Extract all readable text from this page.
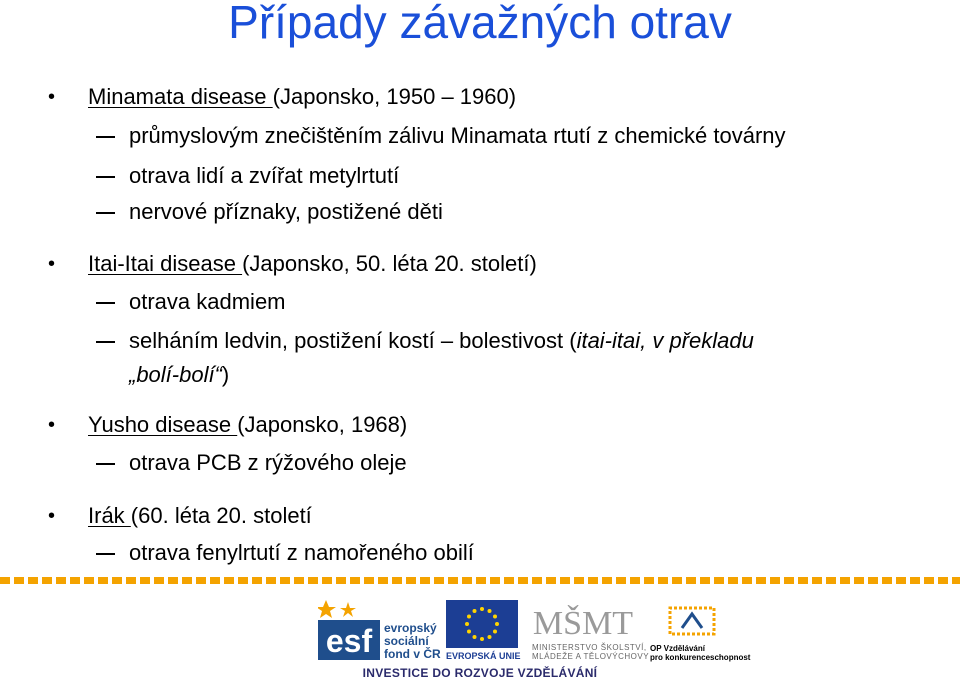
Případy závažných otrav
• Minamata disease (Japonsko, 1950 – 1960)
průmyslovým znečištěním zálivu Minamata rtutí z chemické továrny
otrava lidí a zvířat metylrtutí
nervové příznaky, postižené děti
• Itai-Itai disease (Japonsko, 50. léta 20. století)
otrava kadmiem
selháním ledvin, postižení kostí – bolestivost (itai-itai, v překladu
„bolí-bolí“)
• Yusho disease (Japonsko, 1968)
otrava PCB z rýžového oleje
• Irák (60. léta 20. století
otrava fenylrtutí z namořeného obilí
esf evropský
sociální
fond v ČR EVROPSKÁ UNIE
MŠMT
MINISTERSTVO ŠKOLSTVÍ,
MLÁDEŽE A TĚLOVÝCHOVY
OP Vzdělávání
pro konkurenceschopnost
INVESTICE DO ROZVOJE VZDĚLÁVÁNÍ
